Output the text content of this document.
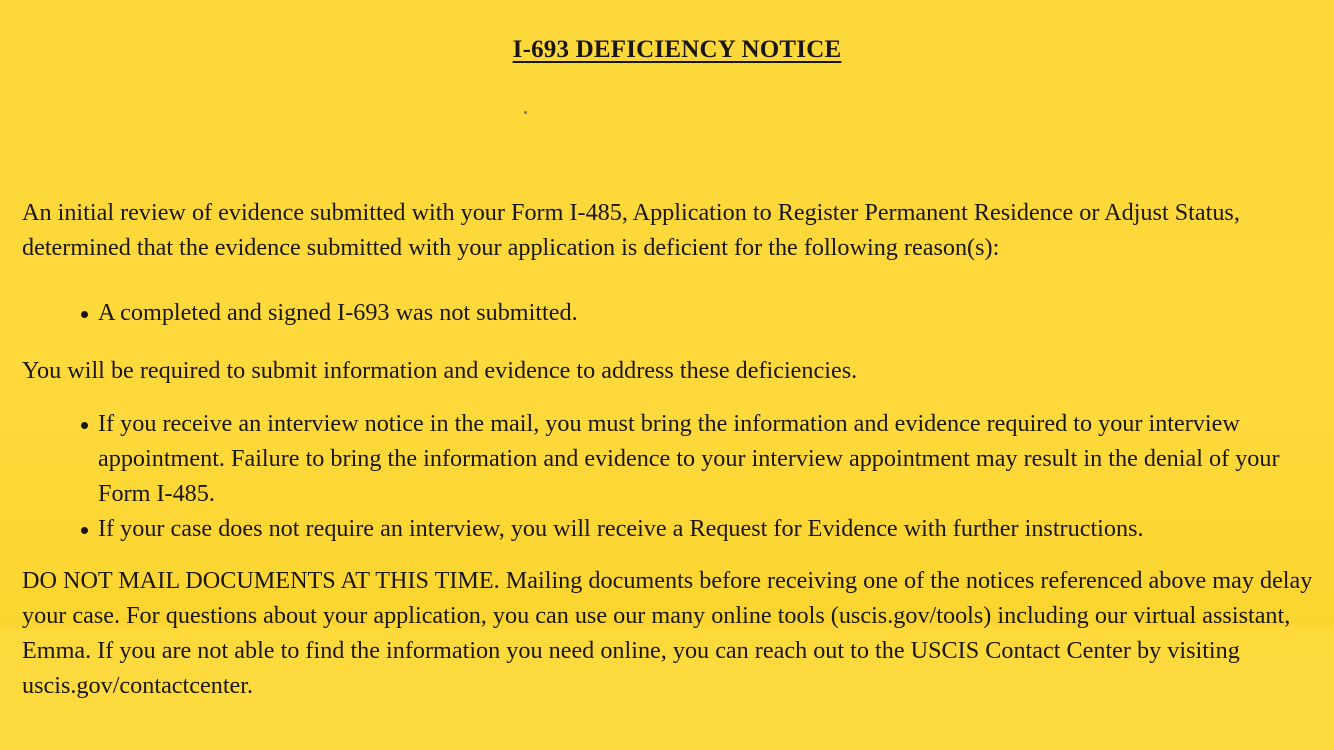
I-693 DEFICIENCY NOTICE

An initial review of evidence submitted with your Form I-485, Application to Register Permanent Residence or Adjust Status, determined that the evidence submitted with your application is deficient for the following reason(s):

A completed and signed I-693 was not submitted.

You will be required to submit information and evidence to address these deficiencies.

If you receive an interview notice in the mail, you must bring the information and evidence required to your interview appointment. Failure to bring the information and evidence to your interview appointment may result in the denial of your Form I-485.
If your case does not require an interview, you will receive a Request for Evidence with further instructions.

DO NOT MAIL DOCUMENTS AT THIS TIME. Mailing documents before receiving one of the notices referenced above may delay your case. For questions about your application, you can use our many online tools (uscis.gov/tools) including our virtual assistant, Emma. If you are not able to find the information you need online, you can reach out to the USCIS Contact Center by visiting uscis.gov/contactcenter.
